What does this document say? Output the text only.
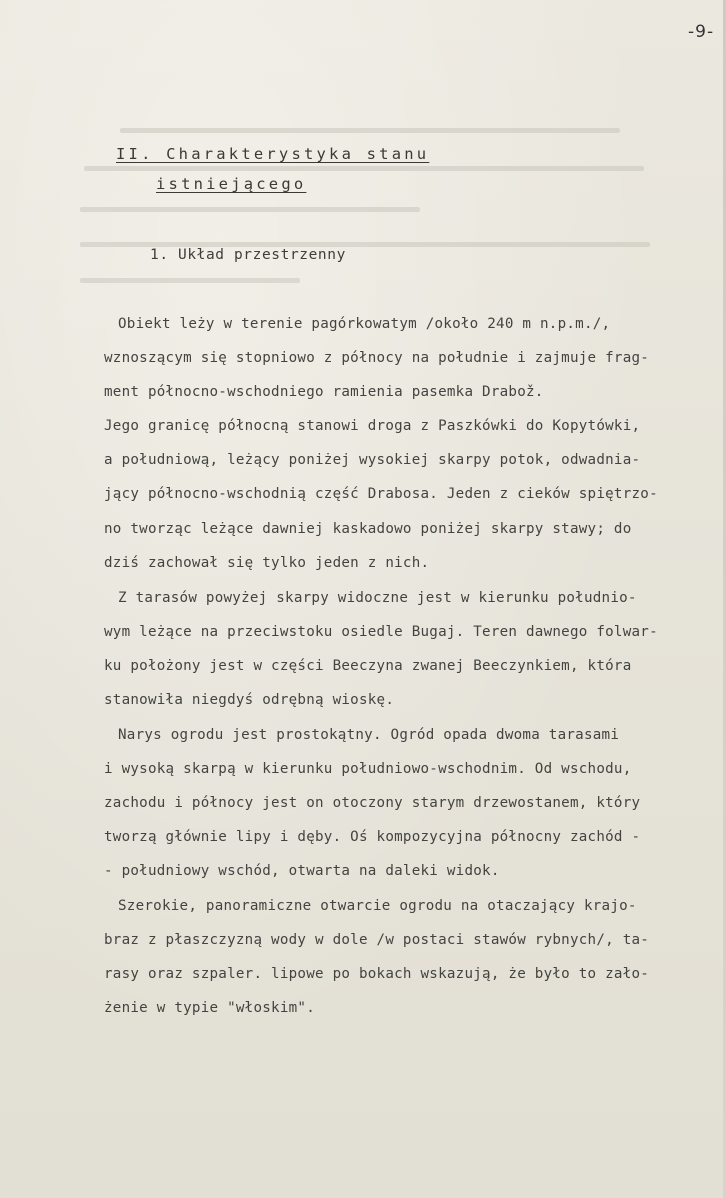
-9-
II. Charakterystyka stanu
istniejącego
1. Układ przestrzenny
Obiekt leży w terenie pagórkowatym /około 240 m n.p.m./,
wznoszącym się stopniowo z północy na południe i zajmuje frag-
ment północno-wschodniego ramienia pasemka Drabož.
Jego granicę północną stanowi droga z Paszkówki do Kopytówki,
a południową, leżący poniżej wysokiej skarpy potok, odwadnia-
jący północno-wschodnią część Drabosa. Jeden z cieków spiętrzo-
no tworząc leżące dawniej kaskadowo poniżej skarpy stawy; do
dziś zachował się tylko jeden z nich.
Z tarasów powyżej skarpy widoczne jest w kierunku południo-
wym leżące na przeciwstoku osiedle Bugaj. Teren dawnego folwar-
ku położony jest w części Beeczyna zwanej Beeczynkiem, która
stanowiła niegdyś odrębną wioskę.
Narys ogrodu jest prostokątny. Ogród opada dwoma tarasami
i wysoką skarpą w kierunku południowo-wschodnim. Od wschodu,
zachodu i północy jest on otoczony starym drzewostanem, który
tworzą głównie lipy i dęby. Oś kompozycyjna północny zachód -
- południowy wschód, otwarta na daleki widok.
Szerokie, panoramiczne otwarcie ogrodu na otaczający krajo-
braz z płaszczyzną wody w dole /w postaci stawów rybnych/, ta-
rasy oraz szpaler. lipowe po bokach wskazują, że było to zało-
żenie w typie "włoskim".
